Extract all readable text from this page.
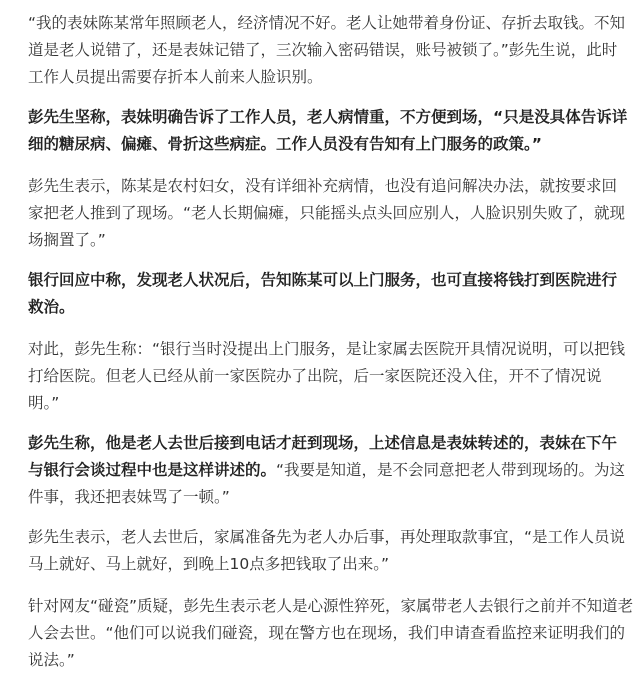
“我的表妹陈某常年照顾老人，经济情况不好。老人让她带着身份证、存折去取钱。不知
道是老人说错了，还是表妹记错了，三次输入密码错误，账号被锁了。”彭先生说，此时
工作人员提出需要存折本人前来人脸识别。

彭先生坚称，表妹明确告诉了工作人员，老人病情重，不方便到场，“只是没具体告诉详
细的糖尿病、偏瘫、骨折这些病症。工作人员没有告知有上门服务的政策。”

彭先生表示，陈某是农村妇女，没有详细补充病情，也没有追问解决办法，就按要求回
家把老人推到了现场。“老人长期偏瘫，只能摇头点头回应别人，人脸识别失败了，就现
场搁置了。”

银行回应中称，发现老人状况后，告知陈某可以上门服务，也可直接将钱打到医院进行
救治。

对此，彭先生称：“银行当时没提出上门服务，是让家属去医院开具情况说明，可以把钱
打给医院。但老人已经从前一家医院办了出院，后一家医院还没入住，开不了情况说
明。”

彭先生称，他是老人去世后接到电话才赶到现场，上述信息是表妹转述的，表妹在下午
与银行会谈过程中也是这样讲述的。“我要是知道，是不会同意把老人带到现场的。为这
件事，我还把表妹骂了一顿。”

彭先生表示，老人去世后，家属准备先为老人办后事，再处理取款事宜，“是工作人员说
马上就好、马上就好，到晚上10点多把钱取了出来。”

针对网友“碰瓷”质疑，彭先生表示老人是心源性猝死，家属带老人去银行之前并不知道老
人会去世。“他们可以说我们碰瓷，现在警方也在现场，我们申请查看监控来证明我们的
说法。”
